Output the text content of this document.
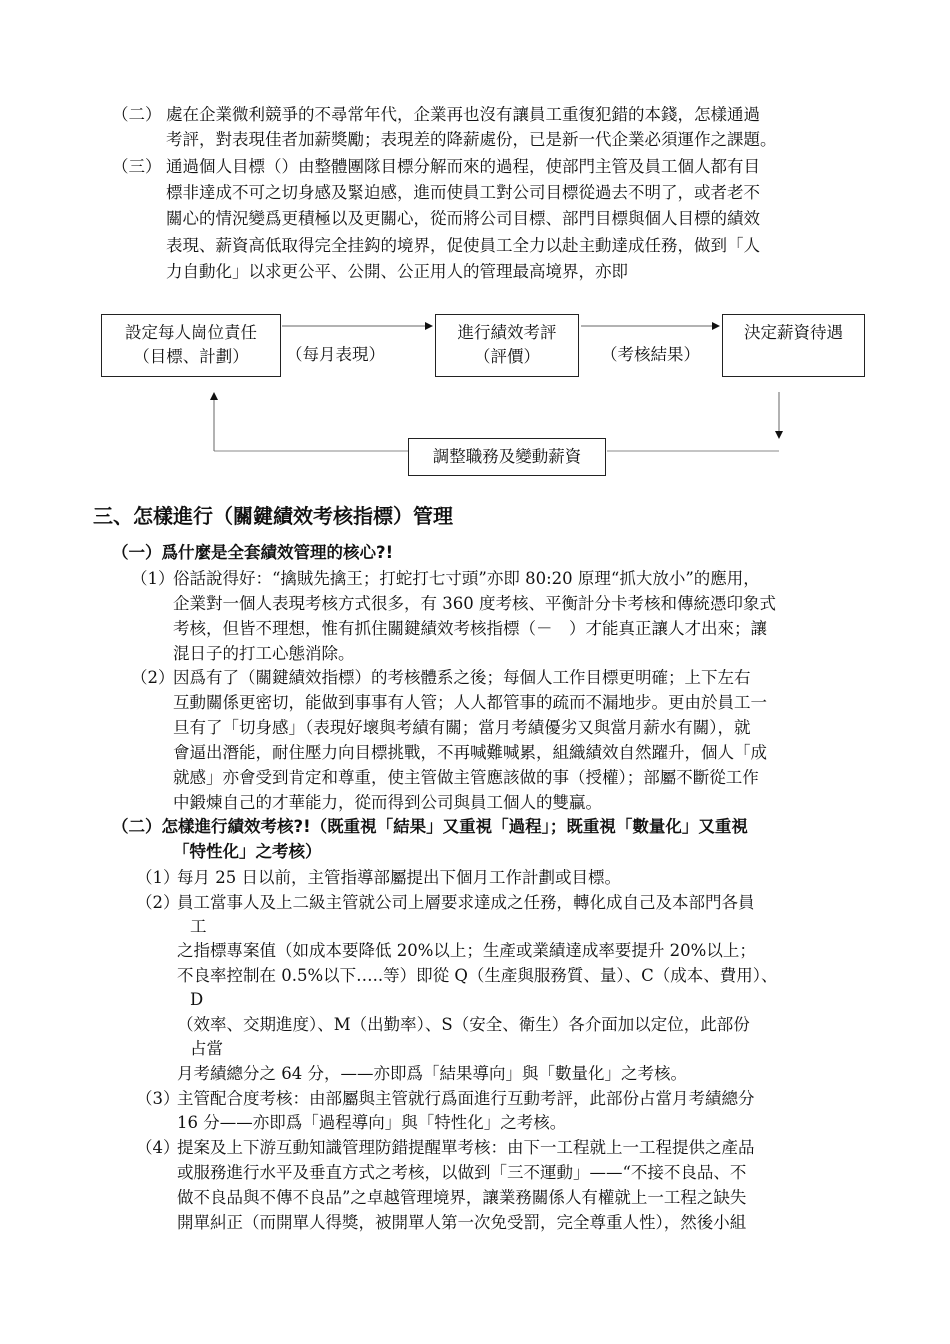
（二） 處在企業微利競爭的不尋常年代，企業再也沒有讓員工重復犯錯的本錢，怎樣通過
考評，對表現佳者加薪獎勵；表現差的降薪處份，已是新一代企業必須運作之課題。
（三） 通過個人目標（）由整體團隊目標分解而來的過程，使部門主管及員工個人都有目
標非達成不可之切身感及緊迫感，進而使員工對公司目標從過去不明了，或者老不
關心的情況變爲更積極以及更關心，從而將公司目標、部門目標與個人目標的績效
表現、薪資高低取得完全挂鈎的境界，促使員工全力以赴主動達成任務，做到「人
力自動化」以求更公平、公開、公正用人的管理最高境界，亦即
設定每人崗位責任
（目標、計劃）	（每月表現）
進行績效考評
（評價）	（考核結果）
決定薪資待遇
調整職務及變動薪資
三、怎樣進行（關鍵績效考核指標）管理
（一）爲什麼是全套績效管理的核心?!
（1）
俗話說得好：“擒賊先擒王；打蛇打七寸頭”亦即 80:20 原理“抓大放小”的應用，
企業對一個人表現考核方式很多，有 360 度考核、平衡計分卡考核和傳統憑印象式
考核，但皆不理想，惟有抓住關鍵績效考核指標（－　）才能真正讓人才出來；讓
混日子的打工心態消除。
（2）
因爲有了（關鍵績效指標）的考核體系之後；每個人工作目標更明確；上下左右
互動關係更密切，能做到事事有人管；人人都管事的疏而不漏地步。更由於員工一
旦有了「切身感」（表現好壞與考績有關；當月考績優劣又與當月薪水有關），就
會逼出潛能，耐住壓力向目標挑戰，不再喊難喊累，組織績效自然躍升，個人「成
就感」亦會受到肯定和尊重，使主管做主管應該做的事（授權）；部屬不斷從工作
中鍛煉自己的才華能力，從而得到公司與員工個人的雙贏。
（二）怎樣進行績效考核?!（既重視「結果」又重視「過程」；既重視「數量化」又重視
「特性化」之考核）
（1）
每月 25 日以前，主管指導部屬提出下個月工作計劃或目標。
（2）
員工當事人及上二級主管就公司上層要求達成之任務，轉化成自己及本部門各員
工
之指標專案值（如成本要降低 20%以上；生產或業績達成率要提升 20%以上；
不良率控制在 0.5%以下…..等）即從 Q（生產與服務質、量）、C（成本、費用）、
D
（效率、交期進度）、M（出勤率）、S（安全、衛生）各介面加以定位，此部份
占當
月考績總分之 64 分，——亦即爲「結果導向」與「數量化」之考核。
（3）
主管配合度考核：由部屬與主管就行爲面進行互動考評，此部份占當月考績總分
16 分——亦即爲「過程導向」與「特性化」之考核。
（4）
提案及上下游互動知識管理防錯提醒單考核：由下一工程就上一工程提供之產品
或服務進行水平及垂直方式之考核，以做到「三不運動」——“不接不良品、不
做不良品與不傳不良品”之卓越管理境界，讓業務關係人有權就上一工程之缺失
開單糾正（而開單人得獎，被開單人第一次免受罰，完全尊重人性），然後小組
